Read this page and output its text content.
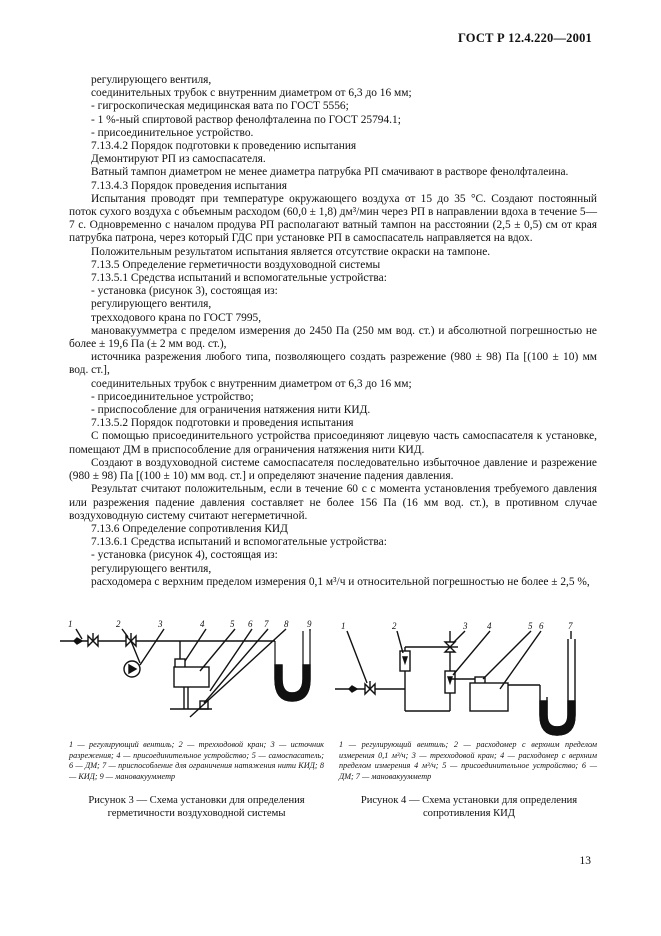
ГОСТ Р 12.4.220—2001

регулирующего вентиля,

соединительных трубок с внутренним диаметром от 6,3 до 16 мм;

- гигроскопическая медицинская вата по ГОСТ 5556;

- 1 %-ный спиртовой раствор фенолфталеина по ГОСТ 25794.1;

- присоединительное устройство.

7.13.4.2 Порядок подготовки к проведению испытания

Демонтируют РП из самоспасателя.

Ватный тампон диаметром не менее диаметра патрубка РП смачивают в растворе фенолфталеина.

7.13.4.3 Порядок проведения испытания

Испытания проводят при температуре окружающего воздуха от 15 до 35 °С. Создают постоянный поток сухого воздуха с объемным расходом (60,0 ± 1,8) дм³/мин через РП в направлении вдоха в течение 5—7 с. Одновременно с началом продува РП располагают ватный тампон на расстоянии (2,5 ± 0,5) см от края патрубка патрона, через который ГДС при установке РП в самоспасатель направляется на вдох.

Положительным результатом испытания является отсутствие окраски на тампоне.

7.13.5 Определение герметичности воздуховодной системы

7.13.5.1 Средства испытаний и вспомогательные устройства:

- установка (рисунок 3), состоящая из:

регулирующего вентиля,

трехходового крана по ГОСТ 7995,

мановакуумметра с пределом измерения до 2450 Па (250 мм вод. ст.) и абсолютной погрешностью не более ± 19,6 Па (± 2 мм вод. ст.),

источника разрежения любого типа, позволяющего создать разрежение (980 ± 98) Па [(100 ± 10) мм вод. ст.],

соединительных трубок с внутренним диаметром от 6,3 до 16 мм;

- присоединительное устройство;

- приспособление для ограничения натяжения нити КИД.

7.13.5.2 Порядок подготовки и проведения испытания

С помощью присоединительного устройства присоединяют лицевую часть самоспасателя к установке, помещают ДМ в приспособление для ограничения натяжения нити КИД.

Создают в воздуховодной системе самоспасателя последовательно избыточное давление и разрежение (980 ± 98) Па [(100 ± 10) мм вод. ст.] и определяют значение падения давления.

Результат считают положительным, если в течение 60 с с момента установления требуемого давления или разрежения падение давления составляет не более 156 Па (16 мм вод. ст.), в противном случае воздуховодную систему считают негерметичной.

7.13.6 Определение сопротивления КИД

7.13.6.1 Средства испытаний и вспомогательные устройства:

- установка (рисунок 4), состоящая из:

регулирующего вентиля,

расходомера с верхним пределом измерения 0,1 м³/ч и относительной погрешностью не более ± 2,5 %,

1	2	3	4	5 6 7 8 9	1	2	3 4	5 6	7
1 — регулирующий вентиль; 2 — трехходовой кран; 3 — источник разрежения; 4 — присоединительное устройство; 5 — самоспасатель; 6 — ДМ; 7 — приспособление для ограничения натяжения нити КИД; 8 — КИД; 9 — мановакуумметр
Рисунок 3 — Схема установки для определения герметичности воздуховодной системы
1 — регулирующий вентиль; 2 — расходомер с верхним пределом измерения 0,1 м³/ч; 3 — трехходовой кран; 4 — расходомер с верхним пределом измерения 4 м³/ч; 5 — присоединительное устройство; 6 — ДМ; 7 — мановакуумметр
Рисунок 4 — Схема установки для определения сопротивления КИД
13
